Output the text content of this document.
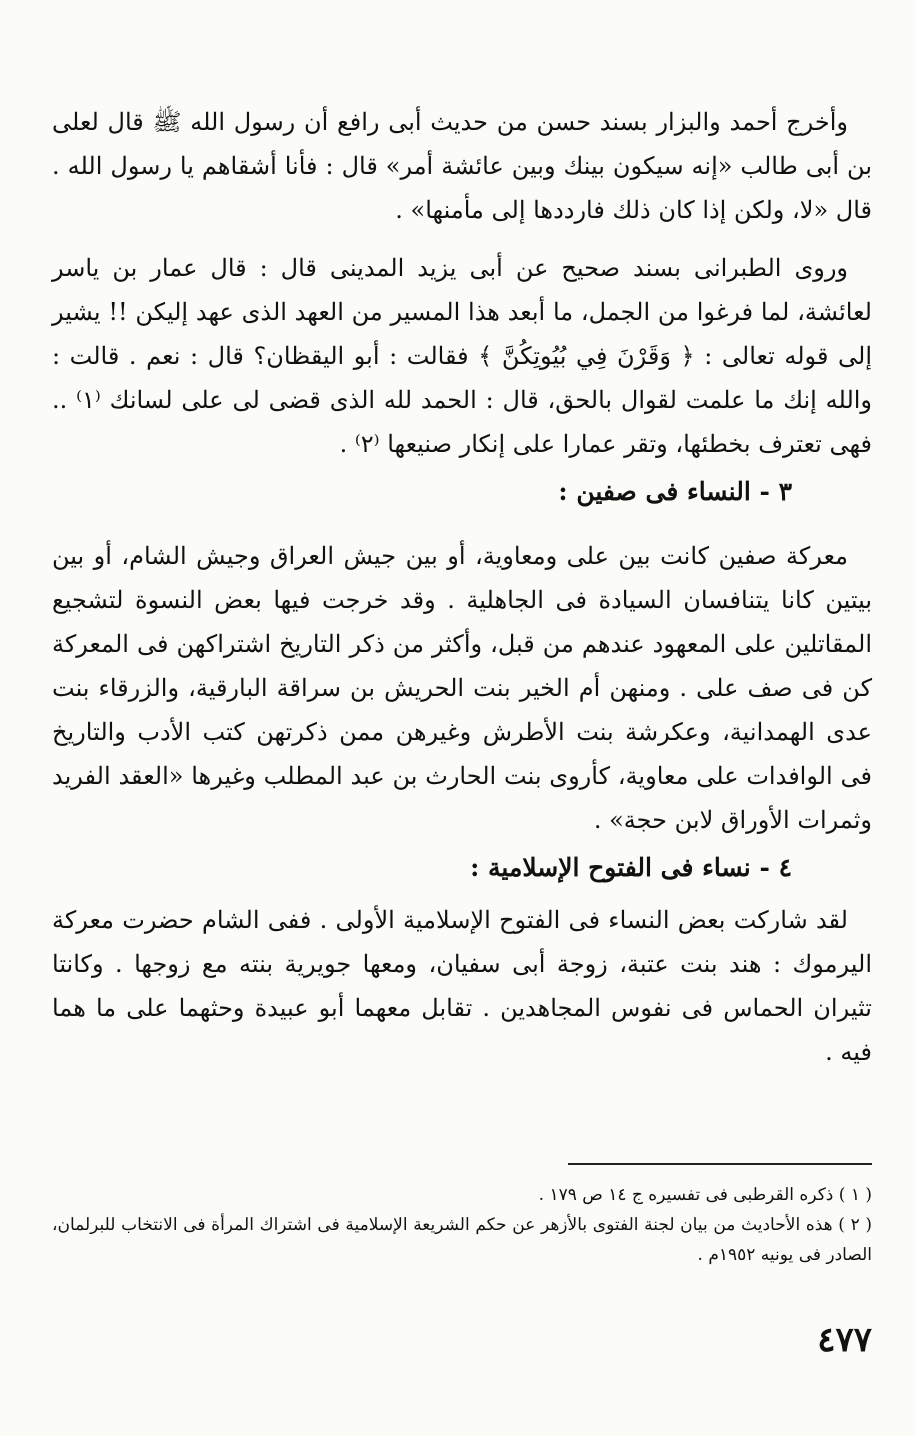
وأخرج أحمد والبزار بسند حسن من حديث أبى رافع أن رسول الله ﷺ قال لعلى بن أبى طالب «إنه سيكون بينك وبين عائشة أمر» قال : فأنا أشقاهم يا رسول الله . قال «لا، ولكن إذا كان ذلك فارددها إلى مأمنها» .

وروى الطبرانى بسند صحيح عن أبى يزيد المدينى قال : قال عمار بن ياسر لعائشة، لما فرغوا من الجمل، ما أبعد هذا المسير من العهد الذى عهد إليكن !! يشير إلى قوله تعالى : ﴿ وَقَرْنَ فِي بُيُوتِكُنَّ ﴾ فقالت : أبو اليقظان؟ قال : نعم . قالت : والله إنك ما علمت لقوال بالحق، قال : الحمد لله الذى قضى لى على لسانك ⁽١⁾ .. فهى تعترف بخطئها، وتقر عمارا على إنكار صنيعها ⁽٢⁾ .

٣ - النساء فى صفين :

معركة صفين كانت بين على ومعاوية، أو بين جيش العراق وجيش الشام، أو بين بيتين كانا يتنافسان السيادة فى الجاهلية . وقد خرجت فيها بعض النسوة لتشجيع المقاتلين على المعهود عندهم من قبل، وأكثر من ذكر التاريخ اشتراكهن فى المعركة كن فى صف على . ومنهن أم الخير بنت الحريش بن سراقة البارقية، والزرقاء بنت عدى الهمدانية، وعكرشة بنت الأطرش وغيرهن ممن ذكرتهن كتب الأدب والتاريخ فى الوافدات على معاوية، كأروى بنت الحارث بن عبد المطلب وغيرها «العقد الفريد وثمرات الأوراق لابن حجة» .

٤ - نساء فى الفتوح الإسلامية :

لقد شاركت بعض النساء فى الفتوح الإسلامية الأولى . ففى الشام حضرت معركة اليرموك : هند بنت عتبة، زوجة أبى سفيان، ومعها جويرية بنته مع زوجها . وكانتا تثيران الحماس فى نفوس المجاهدين . تقابل معهما أبو عبيدة وحثهما على ما هما فيه .

( ١ ) ذكره القرطبى فى تفسيره ج ١٤ ص ١٧٩ .

( ٢ ) هذه الأحاديث من بيان لجنة الفتوى بالأزهر عن حكم الشريعة الإسلامية فى اشتراك المرأة فى الانتخاب للبرلمان، الصادر فى يونيه ١٩٥٢م .

٤٧٧
